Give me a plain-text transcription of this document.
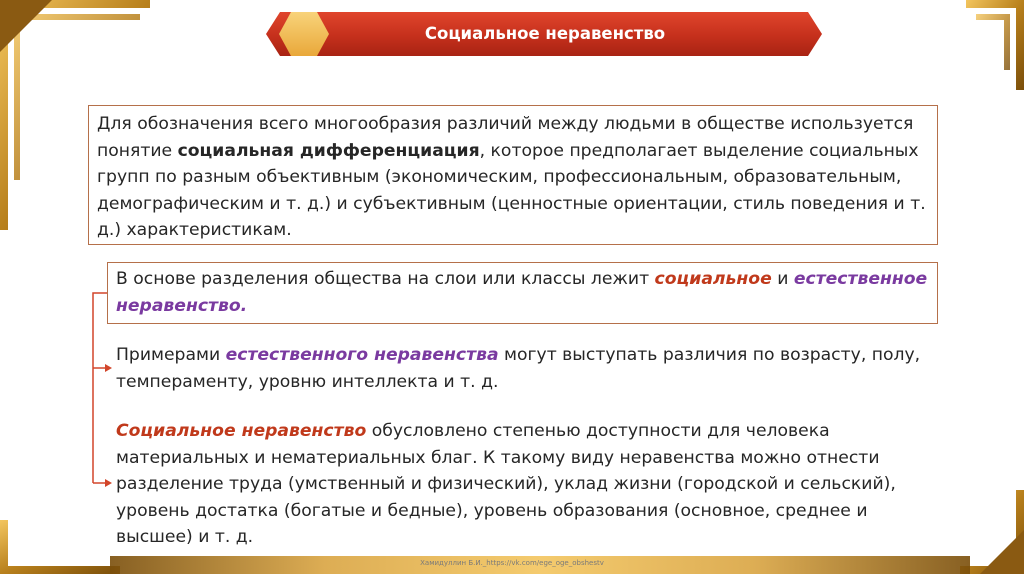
Социальное неравенство

Для обозначения всего многообразия различий между людьми в обществе используется понятие социальная дифференциация, которое предполагает выделение социальных групп по разным объективным (экономическим, профессиональным, образовательным, демографическим и т. д.) и субъективным (ценностные ориентации, стиль поведения и т. д.) характеристикам.

В основе разделения общества на слои или классы лежит социальное и естественное неравенство.

Примерами естественного неравенства могут выступать различия по возрасту, полу, темпераменту, уровню интеллекта и т. д.

Социальное неравенство обусловлено степенью доступности для человека материальных и нематериальных благ. К такому виду неравенства можно отнести разделение труда (умственный и физический), уклад жизни (городской и сельский), уровень достатка (богатые и бедные), уровень образования (основное, среднее и высшее) и т. д.

Хамидуллин Б.И._https://vk.com/ege_oge_obshestv
